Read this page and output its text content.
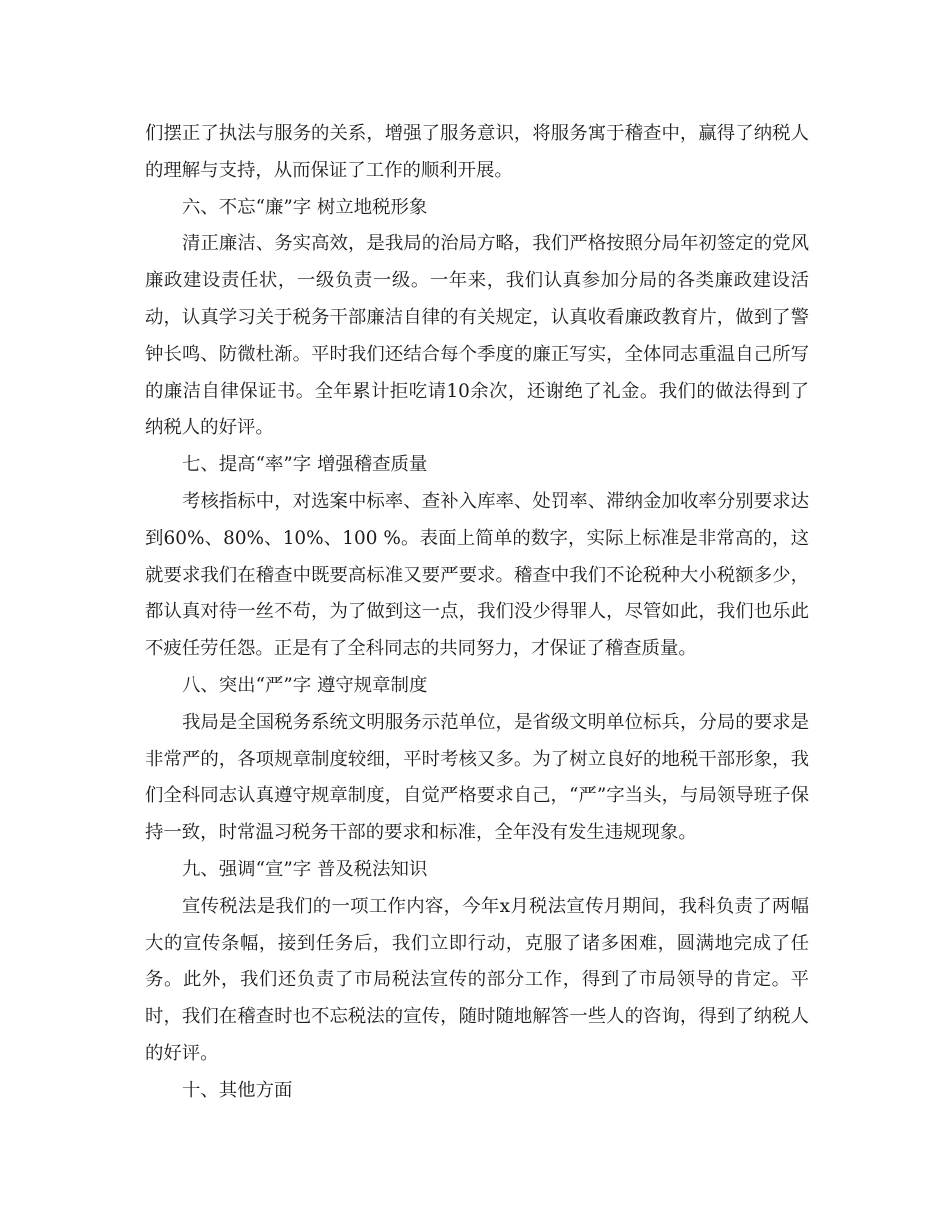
们摆正了执法与服务的关系，增强了服务意识，将服务寓于稽查中，赢得了纳税人的理解与支持，从而保证了工作的顺利开展。

六、不忘“廉”字 树立地税形象

清正廉洁、务实高效，是我局的治局方略，我们严格按照分局年初签定的党风廉政建设责任状，一级负责一级。一年来，我们认真参加分局的各类廉政建设活动，认真学习关于税务干部廉洁自律的有关规定，认真收看廉政教育片，做到了警钟长鸣、防微杜渐。平时我们还结合每个季度的廉正写实，全体同志重温自己所写的廉洁自律保证书。全年累计拒吃请10余次，还谢绝了礼金。我们的做法得到了纳税人的好评。

七、提高“率”字 增强稽查质量

考核指标中，对选案中标率、查补入库率、处罚率、滞纳金加收率分别要求达到60%、80%、10%、100 %。表面上简单的数字，实际上标准是非常高的，这就要求我们在稽查中既要高标准又要严要求。稽查中我们不论税种大小税额多少，都认真对待一丝不苟，为了做到这一点，我们没少得罪人，尽管如此，我们也乐此不疲任劳任怨。正是有了全科同志的共同努力，才保证了稽查质量。

八、突出“严”字 遵守规章制度

我局是全国税务系统文明服务示范单位，是省级文明单位标兵，分局的要求是非常严的，各项规章制度较细，平时考核又多。为了树立良好的地税干部形象，我们全科同志认真遵守规章制度，自觉严格要求自己，“严”字当头，与局领导班子保持一致，时常温习税务干部的要求和标准，全年没有发生违规现象。

九、强调“宣”字 普及税法知识

宣传税法是我们的一项工作内容，今年x月税法宣传月期间，我科负责了两幅大的宣传条幅，接到任务后，我们立即行动，克服了诸多困难，圆满地完成了任务。此外，我们还负责了市局税法宣传的部分工作，得到了市局领导的肯定。平时，我们在稽查时也不忘税法的宣传，随时随地解答一些人的咨询，得到了纳税人的好评。

十、其他方面
